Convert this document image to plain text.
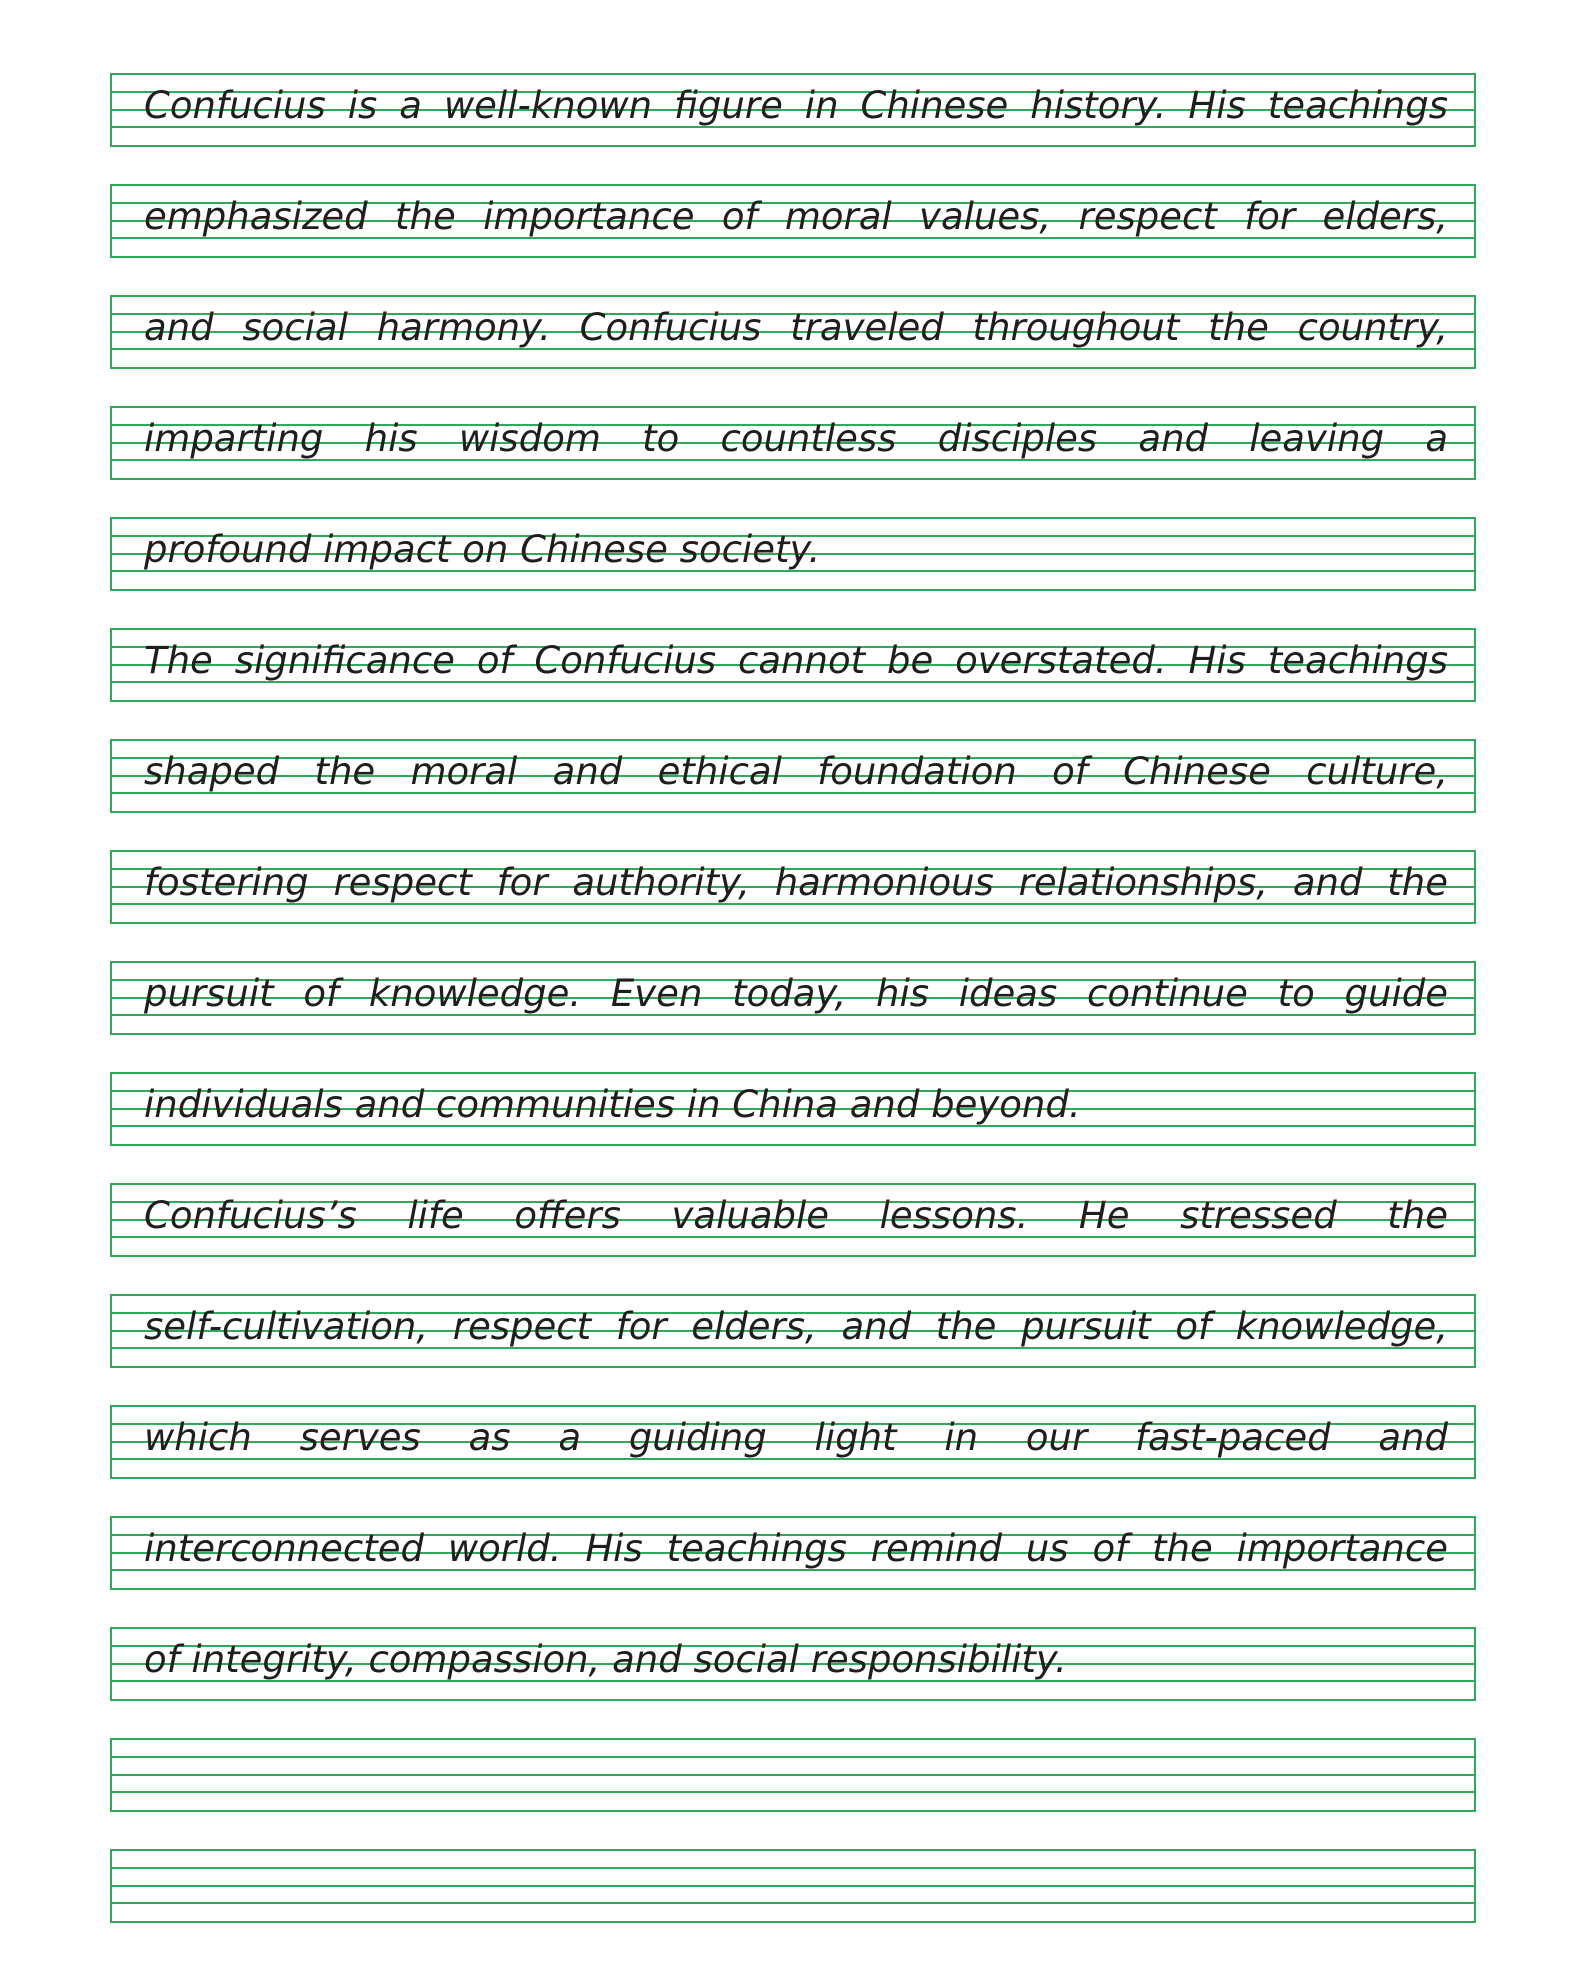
Confucius is a well-known figure in Chinese history. His teachings
emphasized the importance of moral values, respect for elders,
and social harmony. Confucius traveled throughout the country,
imparting his wisdom to countless disciples and leaving a
profound impact on Chinese society.
The significance of Confucius cannot be overstated. His teachings
shaped the moral and ethical foundation of Chinese culture,
fostering respect for authority, harmonious relationships, and the
pursuit of knowledge. Even today, his ideas continue to guide
individuals and communities in China and beyond.
Confucius’s life offers valuable lessons. He stressed the
self-cultivation, respect for elders, and the pursuit of knowledge,
which serves as a guiding light in our fast-paced and
interconnected world. His teachings remind us of the importance
of integrity, compassion, and social responsibility.
